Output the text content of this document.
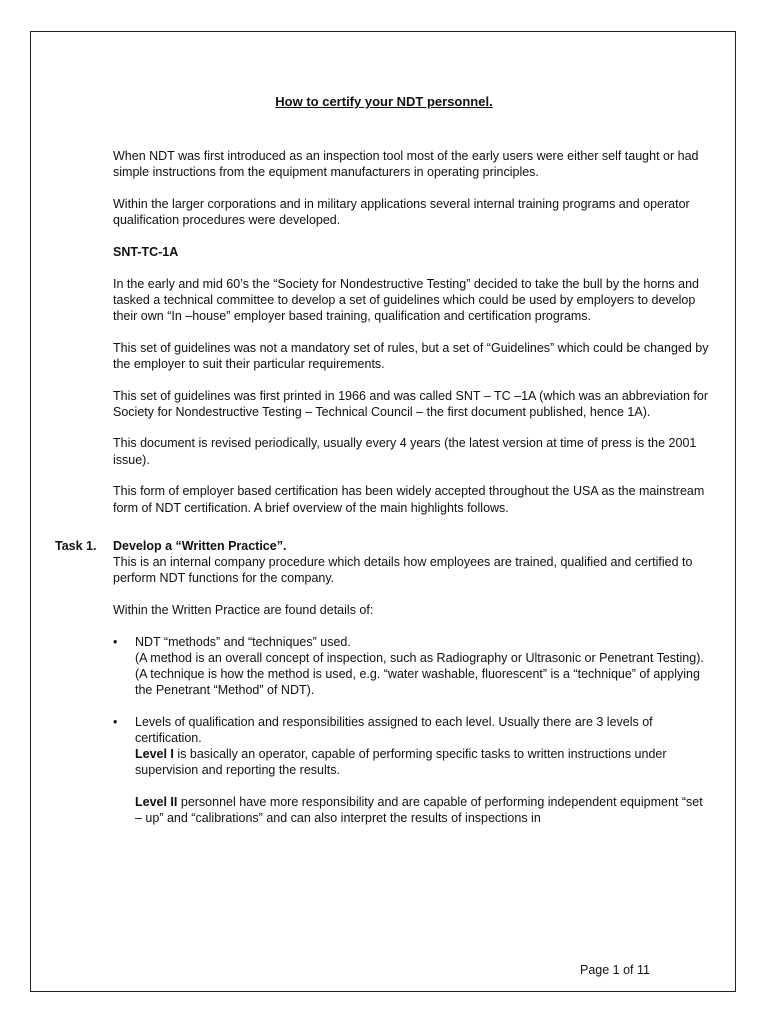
How to certify your NDT personnel.

When NDT was first introduced as an inspection tool most of the early users were either self taught or had simple instructions from the equipment manufacturers in operating principles.

Within the larger corporations and in military applications several internal training programs and operator qualification procedures were developed.

SNT-TC-1A

In the early and mid 60’s the “Society for Nondestructive Testing” decided to take the bull by the horns and tasked a technical committee to develop a set of guidelines which could be used by employers to develop their own “In –house” employer based training, qualification and certification programs.

This set of guidelines was not a mandatory set of rules, but a set of “Guidelines” which could be changed by the employer to suit their particular requirements.

This set of guidelines was first printed in 1966 and was called SNT – TC –1A (which was an abbreviation for Society for Nondestructive Testing – Technical Council – the first document published, hence 1A).

This document is revised periodically, usually every 4 years (the latest version at time of press is the 2001 issue).

This form of employer based certification has been widely accepted throughout the USA as the mainstream form of NDT certification. A brief overview of the main highlights follows.

Task 1. Develop a “Written Practice”.

This is an internal company procedure which details how employees are trained, qualified and certified to perform NDT functions for the company.

Within the Written Practice are found details of:

• NDT “methods” and “techniques” used.
(A method is an overall concept of inspection, such as Radiography or Ultrasonic or Penetrant Testing).
(A technique is how the method is used, e.g. “water washable, fluorescent” is a “technique” of applying the Penetrant “Method” of NDT).
• Levels of qualification and responsibilities assigned to each level. Usually there are 3 levels of certification.

Level I is basically an operator, capable of performing specific tasks to written instructions under supervision and reporting the results.

Level II personnel have more responsibility and are capable of performing independent equipment “set – up” and “calibrations” and can also interpret the results of inspections in

Page 1 of 11
